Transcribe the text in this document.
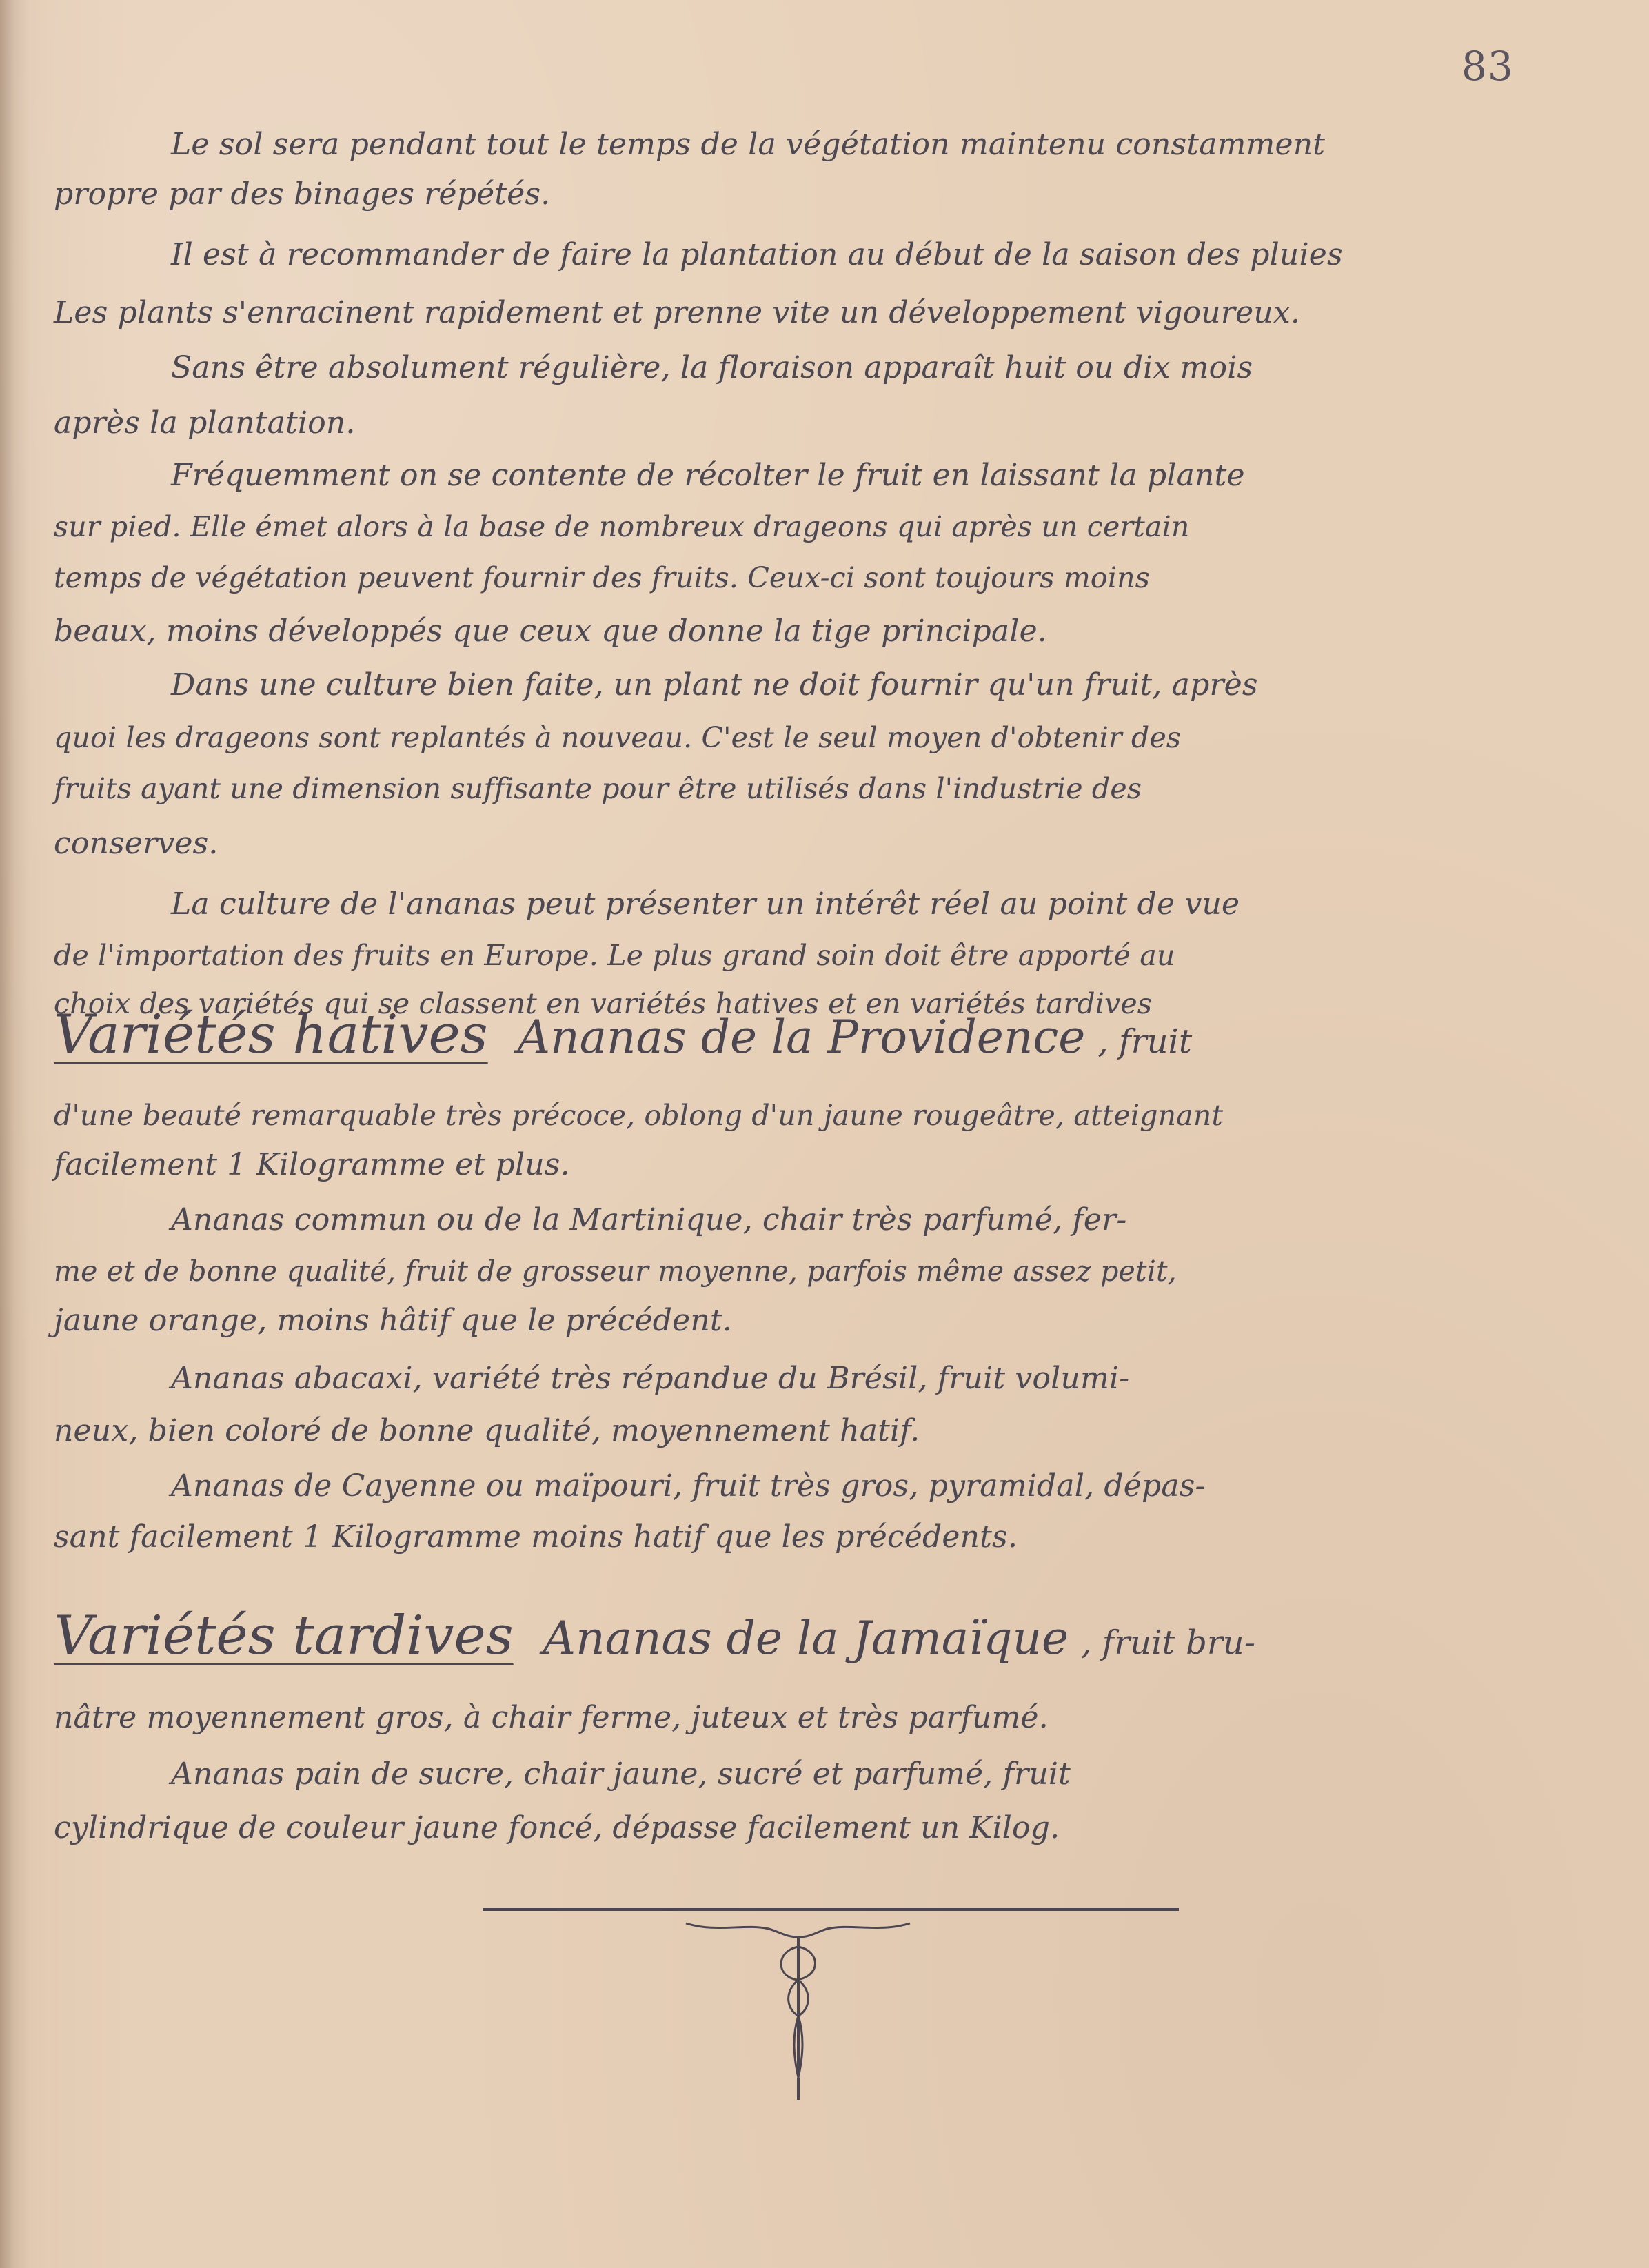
83
Le sol sera pendant tout le temps de la végétation maintenu constamment
propre par des binages répétés.
Il est à recommander de faire la plantation au début de la saison des pluies
Les plants s'enracinent rapidement et prenne vite un développement vigoureux.
Sans être absolument régulière, la floraison apparaît huit ou dix mois
après la plantation.
Fréquemment on se contente de récolter le fruit en laissant la plante
sur pied. Elle émet alors à la base de nombreux drageons qui après un certain
temps de végétation peuvent fournir des fruits. Ceux-ci sont toujours moins
beaux, moins développés que ceux que donne la tige principale.
Dans une culture bien faite, un plant ne doit fournir qu'un fruit, après
quoi les drageons sont replantés à nouveau. C'est le seul moyen d'obtenir des
fruits ayant une dimension suffisante pour être utilisés dans l'industrie des
conserves.
La culture de l'ananas peut présenter un intérêt réel au point de vue
de l'importation des fruits en Europe. Le plus grand soin doit être apporté au
choix des variétés qui se classent en variétés hatives et en variétés tardives
Variétés hatives Ananas de la Providence , fruit
d'une beauté remarquable très précoce, oblong d'un jaune rougeâtre, atteignant
facilement 1 Kilogramme et plus.
Ananas commun ou de la Martinique, chair très parfumé, fer-
me et de bonne qualité, fruit de grosseur moyenne, parfois même assez petit,
jaune orange, moins hâtif que le précédent.
Ananas abacaxi, variété très répandue du Brésil, fruit volumi-
neux, bien coloré de bonne qualité, moyennement hatif.
Ananas de Cayenne ou maïpouri, fruit très gros, pyramidal, dépas-
sant facilement 1 Kilogramme moins hatif que les précédents.
Variétés tardives Ananas de la Jamaïque , fruit bru-
nâtre moyennement gros, à chair ferme, juteux et très parfumé.
Ananas pain de sucre, chair jaune, sucré et parfumé, fruit
cylindrique de couleur jaune foncé, dépasse facilement un Kilog.
